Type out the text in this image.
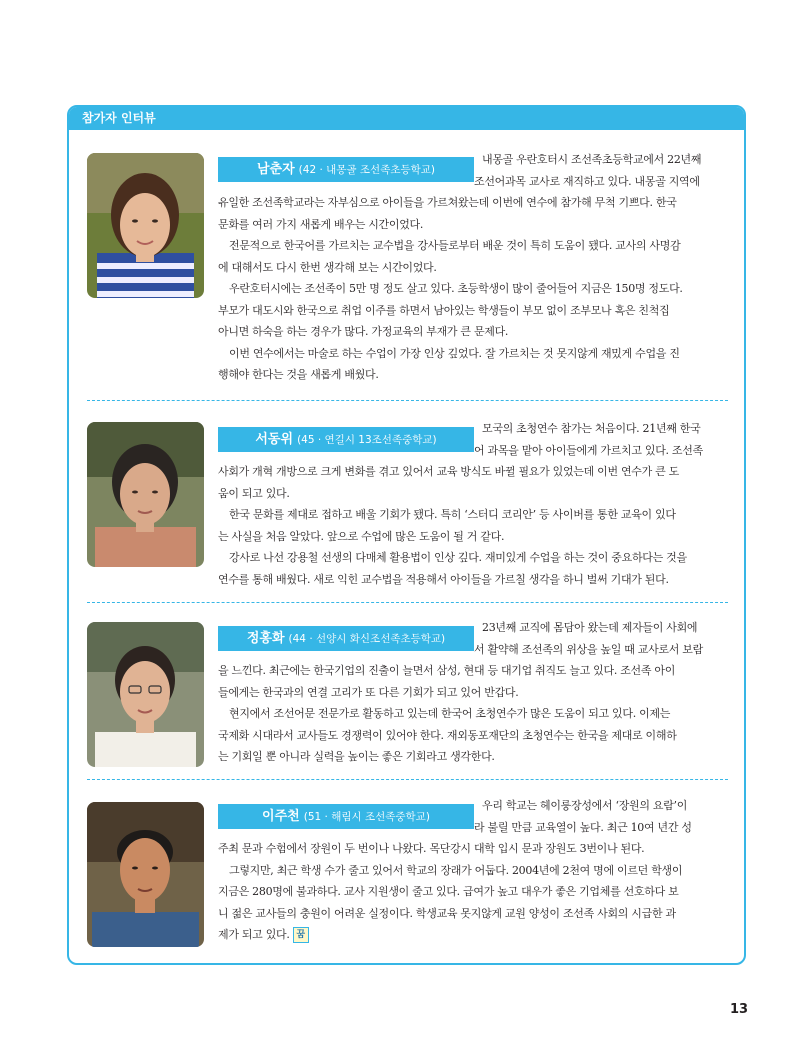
참가자 인터뷰
남춘자 (42 · 내몽골 조선족초등학교)
내몽골 우란호터시 조선족초등학교에서 22년째
조선어과목 교사로 재직하고 있다. 내몽골 지역에
유일한 조선족학교라는 자부심으로 아이들을 가르쳐왔는데 이번에 연수에 참가해 무척 기쁘다. 한국
문화를 여러 가지 새롭게 배우는 시간이었다.
전문적으로 한국어를 가르치는 교수법을 강사들로부터 배운 것이 특히 도움이 됐다. 교사의 사명감
에 대해서도 다시 한번 생각해 보는 시간이었다.
우란호터시에는 조선족이 5만 명 정도 살고 있다. 초등학생이 많이 줄어들어 지금은 150명 정도다.
부모가 대도시와 한국으로 취업 이주를 하면서 남아있는 학생들이 부모 없이 조부모나 혹은 친척집
아니면 하숙을 하는 경우가 많다. 가정교육의 부재가 큰 문제다.
이번 연수에서는 마술로 하는 수업이 가장 인상 깊었다. 잘 가르치는 것 못지않게 재밌게 수업을 진
행해야 한다는 것을 새롭게 배웠다.
서동위 (45 · 연길시 13조선족중학교)
모국의 초청연수 참가는 처음이다. 21년째 한국
어 과목을 맡아 아이들에게 가르치고 있다. 조선족
사회가 개혁 개방으로 크게 변화를 겪고 있어서 교육 방식도 바뀔 필요가 있었는데 이번 연수가 큰 도
움이 되고 있다.
한국 문화를 제대로 접하고 배울 기회가 됐다. 특히 ‘스터디 코리안’ 등 사이버를 통한 교육이 있다
는 사실을 처음 알았다. 앞으로 수업에 많은 도움이 될 거 같다.
강사로 나선 강용철 선생의 다매체 활용법이 인상 깊다. 재미있게 수업을 하는 것이 중요하다는 것을
연수를 통해 배웠다. 새로 익힌 교수법을 적용해서 아이들을 가르칠 생각을 하니 벌써 기대가 된다.
정홍화 (44 · 선양시 화신조선족초등학교)
23년째 교직에 몸담아 왔는데 제자들이 사회에
서 활약해 조선족의 위상을 높일 때 교사로서 보람
을 느낀다. 최근에는 한국기업의 진출이 늘면서 삼성, 현대 등 대기업 취직도 늘고 있다. 조선족 아이
들에게는 한국과의 연결 고리가 또 다른 기회가 되고 있어 반갑다.
현지에서 조선어문 전문가로 활동하고 있는데 한국어 초청연수가 많은 도움이 되고 있다. 이제는
국제화 시대라서 교사들도 경쟁력이 있어야 한다. 재외동포재단의 초청연수는 한국을 제대로 이해하
는 기회일 뿐 아니라 실력을 높이는 좋은 기회라고 생각한다.
이주천 (51 · 해림시 조선족중학교)
우리 학교는 헤이룽장성에서 ‘장원의 요람’이
라 불릴 만큼 교육열이 높다. 최근 10여 년간 성
주최 문과 수험에서 장원이 두 번이나 나왔다. 목단강시 대학 입시 문과 장원도 3번이나 된다.
그렇지만, 최근 학생 수가 줄고 있어서 학교의 장래가 어둡다. 2004년에 2천여 명에 이르던 학생이
지금은 280명에 불과하다. 교사 지원생이 줄고 있다. 급여가 높고 대우가 좋은 기업체를 선호하다 보
니 젊은 교사들의 충원이 어려운 실정이다. 학생교육 못지않게 교원 양성이 조선족 사회의 시급한 과
제가 되고 있다. 꿈
13
